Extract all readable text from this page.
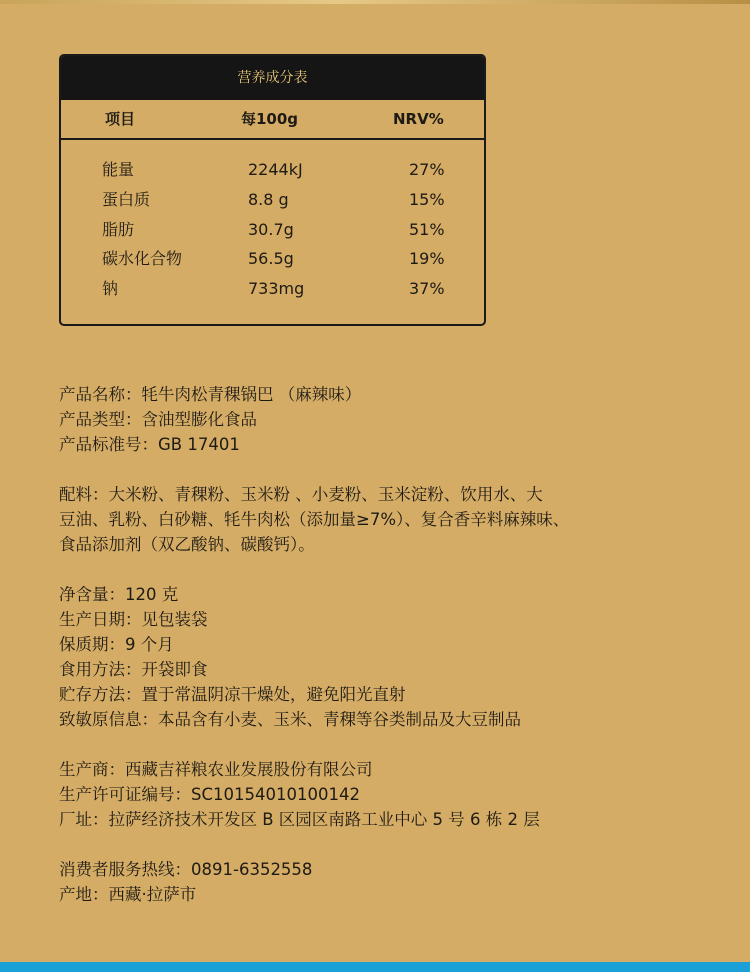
营养成分表
项目	每100g	NRV%
能量	2244kJ	27%
蛋白质	8.8 g	15%
脂肪	30.7g	51%
碳水化合物	56.5g	19%
钠	733mg	37%

产品名称：牦牛肉松青稞锅巴 （麻辣味）

产品类型：含油型膨化食品

产品标准号：GB 17401

配料：大米粉、青稞粉、玉米粉 、小麦粉、玉米淀粉、饮用水、大

豆油、乳粉、白砂糖、牦牛肉松（添加量≥7%）、复合香辛料麻辣味、

食品添加剂（双乙酸钠、碳酸钙）。

净含量：120 克

生产日期：见包装袋

保质期：9 个月

食用方法：开袋即食

贮存方法：置于常温阴凉干燥处，避免阳光直射

致敏原信息：本品含有小麦、玉米、青稞等谷类制品及大豆制品

生产商：西藏吉祥粮农业发展股份有限公司

生产许可证编号：SC10154010100142

厂址：拉萨经济技术开发区 B 区园区南路工业中心 5 号 6 栋 2 层

消费者服务热线：0891-6352558

产地：西藏·拉萨市
